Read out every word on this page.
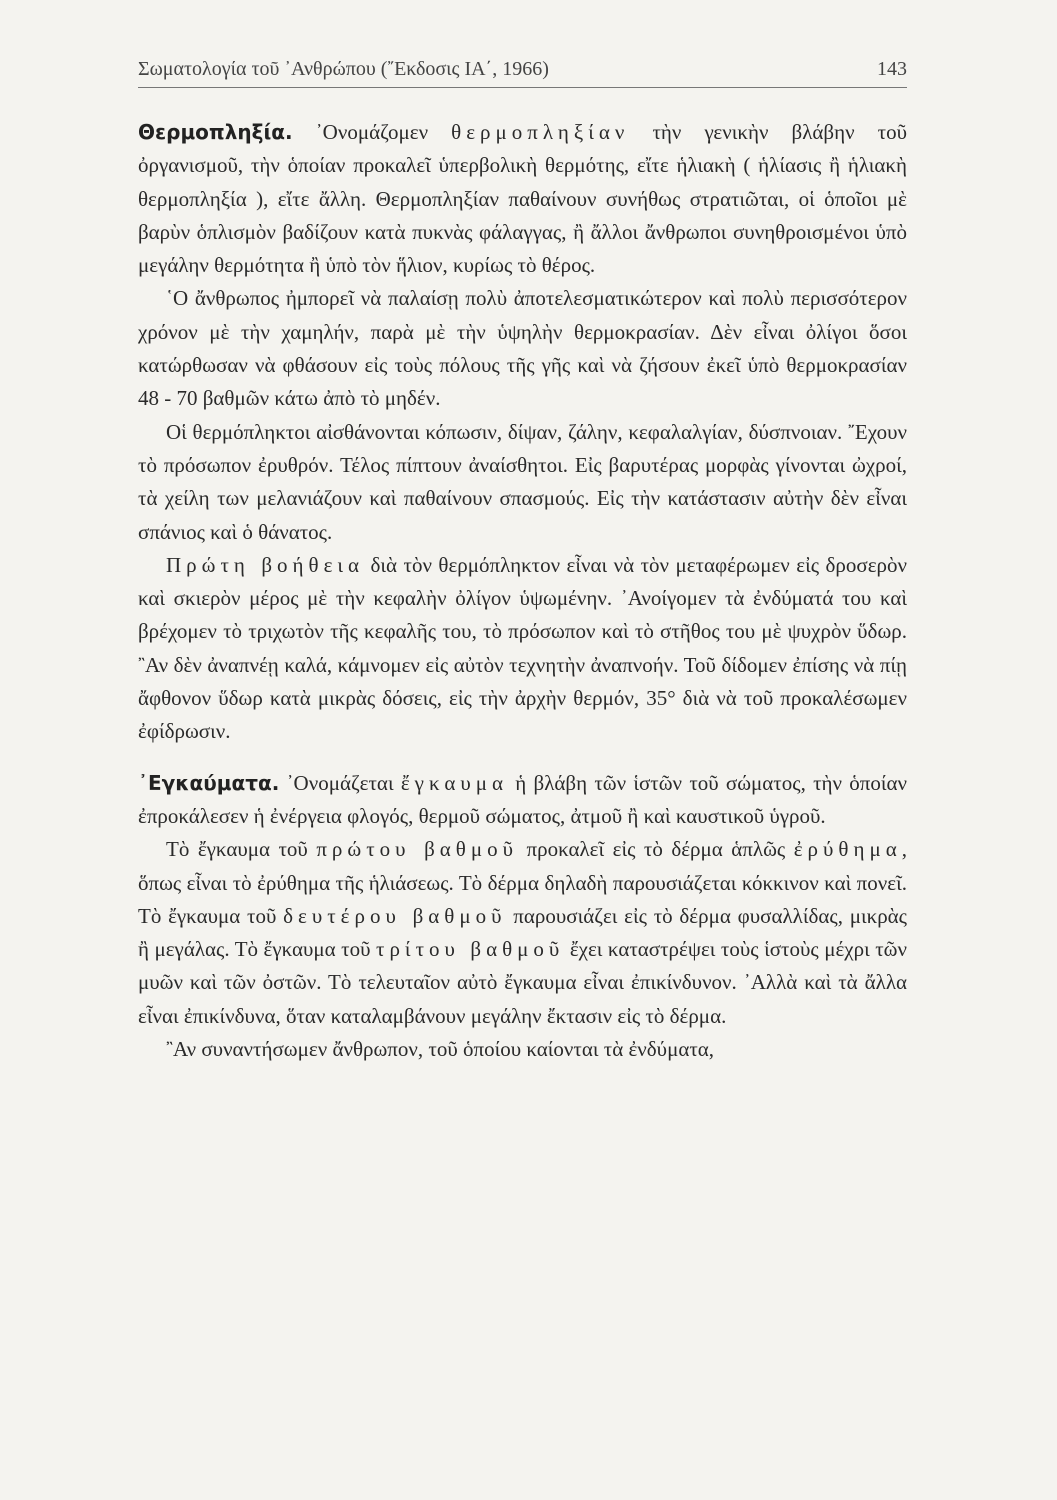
Σωματολογία τοῦ ᾿Ανθρώπου (῎Εκδοσις ΙΑ΄, 1966)	143

Θερμοπληξία. ᾿Ονομάζομεν θερμοπληξίαν τὴν γενικὴν βλάβην τοῦ ὀργανισμοῦ, τὴν ὁποίαν προκαλεῖ ὑπερβολικὴ θερμότης, εἴτε ἡλιακὴ ( ἡλίασις ἢ ἡλιακὴ θερμοπληξία ), εἴτε ἄλλη. Θερμοπληξίαν παθαίνουν συνήθως στρατιῶται, οἱ ὁποῖοι μὲ βαρὺν ὁπλισμὸν βαδίζουν κατὰ πυκνὰς φάλαγγας, ἢ ἄλλοι ἄνθρωποι συνηθροισμένοι ὑπὸ μεγάλην θερμότητα ἢ ὑπὸ τὸν ἥλιον, κυρίως τὸ θέρος.

῾Ο ἄνθρωπος ἠμπορεῖ νὰ παλαίσῃ πολὺ ἀποτελεσματικώτερον καὶ πολὺ περισσότερον χρόνον μὲ τὴν χαμηλήν, παρὰ μὲ τὴν ὑψηλὴν θερμοκρασίαν. Δὲν εἶναι ὀλίγοι ὅσοι κατώρθωσαν νὰ φθάσουν εἰς τοὺς πόλους τῆς γῆς καὶ νὰ ζήσουν ἐκεῖ ὑπὸ θερμοκρασίαν 48 - 70 βαθμῶν κάτω ἀπὸ τὸ μηδέν.

Οἱ θερμόπληκτοι αἰσθάνονται κόπωσιν, δίψαν, ζάλην, κεφαλαλγίαν, δύσπνοιαν. ῎Εχουν τὸ πρόσωπον ἐρυθρόν. Τέλος πίπτουν ἀναίσθητοι. Εἰς βαρυτέρας μορφὰς γίνονται ὠχροί, τὰ χείλη των μελανιάζουν καὶ παθαίνουν σπασμούς. Εἰς τὴν κατάστασιν αὐτὴν δὲν εἶναι σπάνιος καὶ ὁ θάνατος.

Πρώτη βοήθεια διὰ τὸν θερμόπληκτον εἶναι νὰ τὸν μεταφέρωμεν εἰς δροσερὸν καὶ σκιερὸν μέρος μὲ τὴν κεφαλὴν ὀλίγον ὑψωμένην. ᾿Ανοίγομεν τὰ ἐνδύματά του καὶ βρέχομεν τὸ τριχωτὸν τῆς κεφαλῆς του, τὸ πρόσωπον καὶ τὸ στῆθος του μὲ ψυχρὸν ὕδωρ. ῍Αν δὲν ἀναπνέῃ καλά, κάμνομεν εἰς αὐτὸν τεχνητὴν ἀναπνοήν. Τοῦ δίδομεν ἐπίσης νὰ πίῃ ἄφθονον ὕδωρ κατὰ μικρὰς δόσεις, εἰς τὴν ἀρχὴν θερμόν, 35° διὰ νὰ τοῦ προκαλέσωμεν ἐφίδρωσιν.

᾿Εγκαύματα. ᾿Ονομάζεται ἔγκαυμα ἡ βλάβη τῶν ἱστῶν τοῦ σώματος, τὴν ὁποίαν ἐπροκάλεσεν ἡ ἐνέργεια φλογός, θερμοῦ σώματος, ἀτμοῦ ἢ καὶ καυστικοῦ ὑγροῦ.

Τὸ ἔγκαυμα τοῦ πρώτου βαθμοῦ προκαλεῖ εἰς τὸ δέρμα ἁπλῶς ἐρύθημα, ὅπως εἶναι τὸ ἐρύθημα τῆς ἡλιάσεως. Τὸ δέρμα δηλαδὴ παρουσιάζεται κόκκινον καὶ πονεῖ. Τὸ ἔγκαυμα τοῦ δευτέρου βαθμοῦ παρουσιάζει εἰς τὸ δέρμα φυσαλλίδας, μικρὰς ἢ μεγάλας. Τὸ ἔγκαυμα τοῦ τρίτου βαθμοῦ ἔχει καταστρέψει τοὺς ἱστοὺς μέχρι τῶν μυῶν καὶ τῶν ὀστῶν. Τὸ τελευταῖον αὐτὸ ἔγκαυμα εἶναι ἐπικίνδυνον. ᾿Αλλὰ καὶ τὰ ἄλλα εἶναι ἐπικίνδυνα, ὅταν καταλαμβάνουν μεγάλην ἔκτασιν εἰς τὸ δέρμα.

῍Αν συναντήσωμεν ἄνθρωπον, τοῦ ὁποίου καίονται τὰ ἐνδύματα,
